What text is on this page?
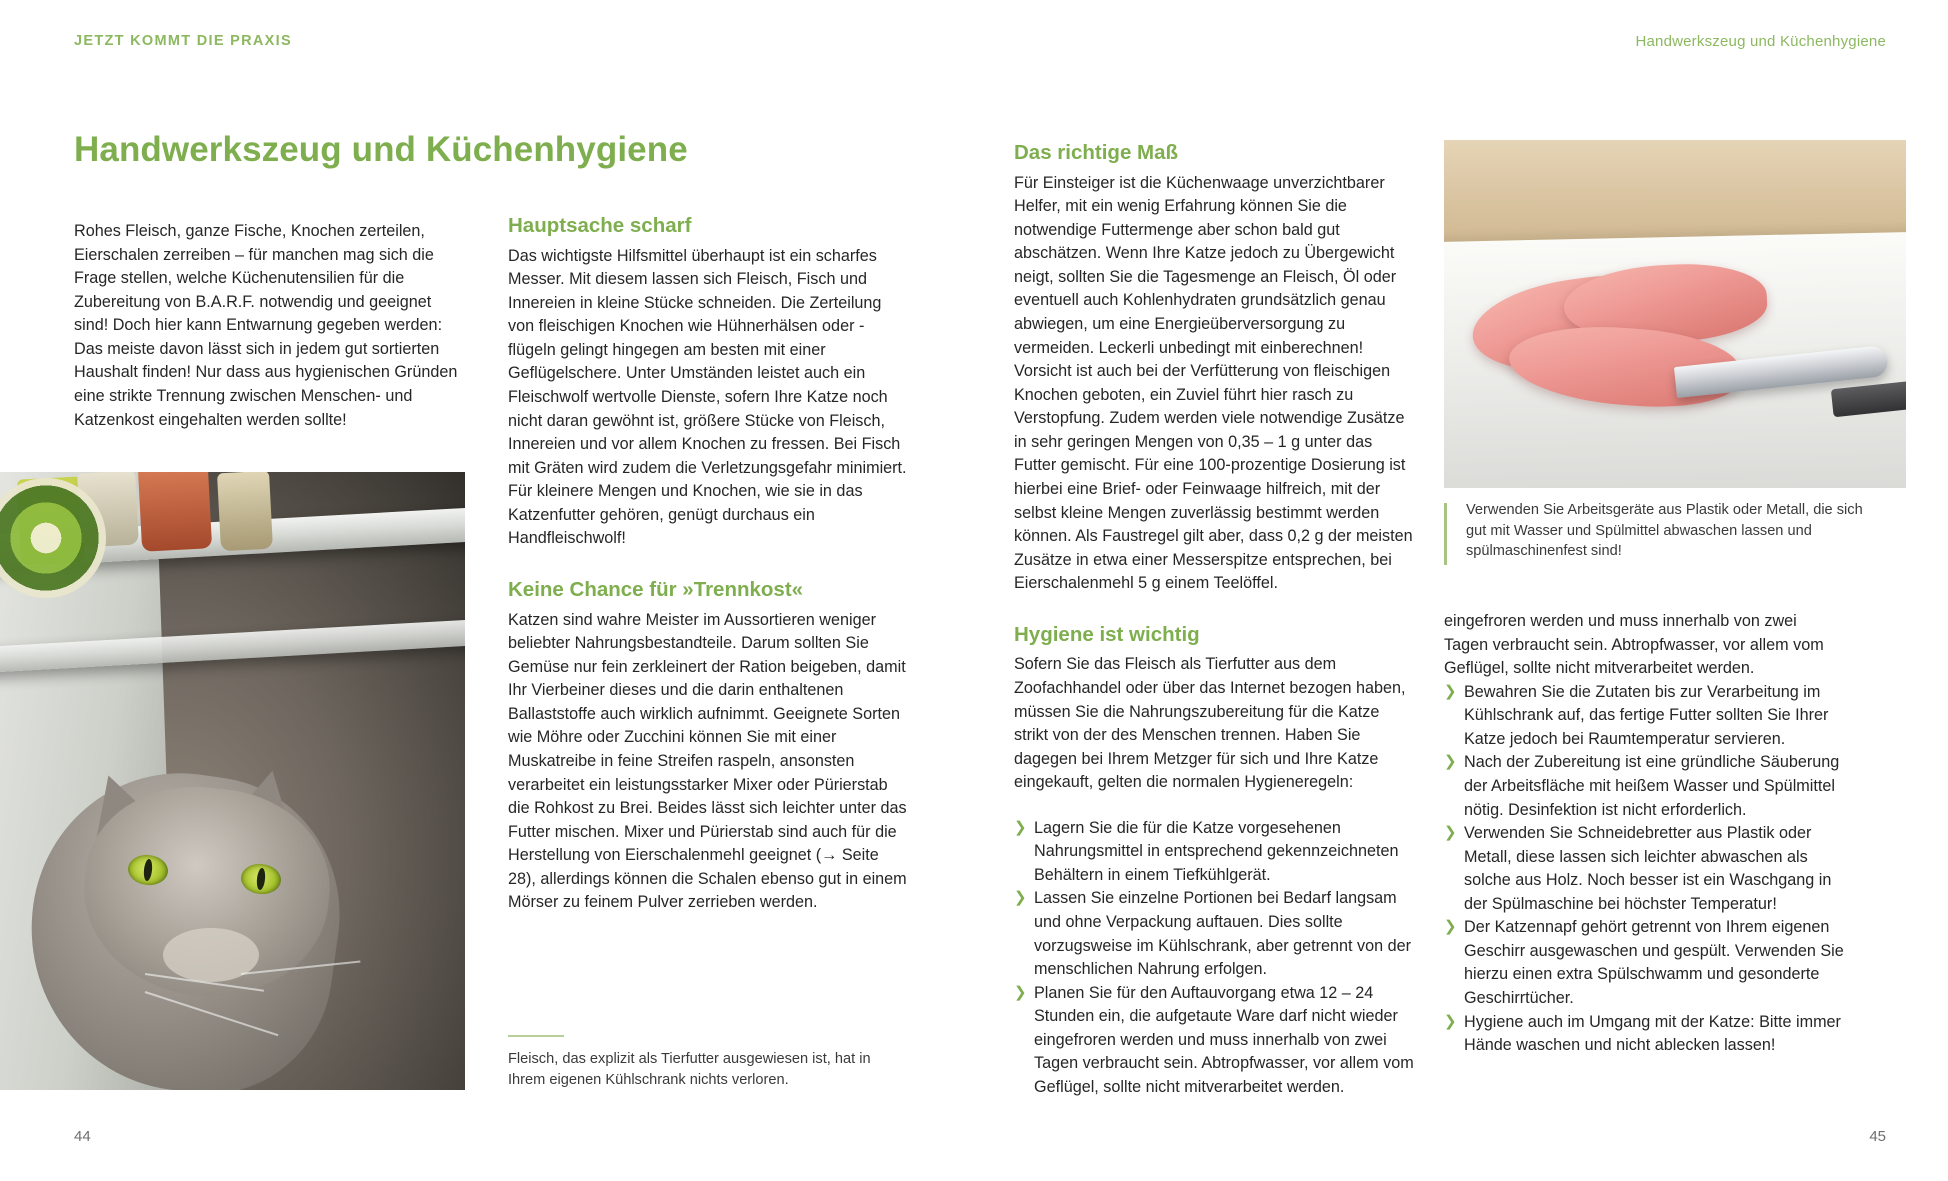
JETZT KOMMT DIE PRAXIS
Handwerkszeug und Küchenhygiene

Rohes Fleisch, ganze Fische, Knochen zerteilen, Eierschalen zerreiben – für manchen mag sich die Frage stellen, welche Küchenutensilien für die Zubereitung von B.A.R.F. notwendig und geeignet sind! Doch hier kann Entwarnung gegeben werden: Das meiste davon lässt sich in jedem gut sortierten Haushalt finden! Nur dass aus hygienischen Gründen eine strikte Trennung zwischen Menschen- und Katzenkost eingehalten werden sollte!

Hauptsache scharf

Das wichtigste Hilfsmittel überhaupt ist ein scharfes Messer. Mit diesem lassen sich Fleisch, Fisch und Innereien in kleine Stücke schneiden. Die Zerteilung von fleischigen Knochen wie Hühnerhälsen oder -flügeln gelingt hingegen am besten mit einer Geflügelschere. Unter Umständen leistet auch ein Fleischwolf wertvolle Dienste, sofern Ihre Katze noch nicht daran gewöhnt ist, größere Stücke von Fleisch, Innereien und vor allem Knochen zu fressen. Bei Fisch mit Gräten wird zudem die Verletzungsgefahr minimiert. Für kleinere Mengen und Knochen, wie sie in das Katzenfutter gehören, genügt durchaus ein Handfleischwolf!

Keine Chance für »Trennkost«

Katzen sind wahre Meister im Aussortieren weniger beliebter Nahrungsbestandteile. Darum sollten Sie Gemüse nur fein zerkleinert der Ration beigeben, damit Ihr Vierbeiner dieses und die darin enthaltenen Ballaststoffe auch wirklich aufnimmt. Geeignete Sorten wie Möhre oder Zucchini können Sie mit einer Muskatreibe in feine Streifen raspeln, ansonsten verarbeitet ein leistungsstarker Mixer oder Pürierstab die Rohkost zu Brei. Beides lässt sich leichter unter das Futter mischen. Mixer und Pürierstab sind auch für die Herstellung von Eierschalenmehl geeignet (→ Seite 28), allerdings können die Schalen ebenso gut in einem Mörser zu feinem Pulver zerrieben werden.

Fleisch, das explizit als Tierfutter ausgewiesen ist, hat in Ihrem eigenen Kühlschrank nichts verloren.
44
Handwerkszeug und Küchenhygiene
Das richtige Maß

Für Einsteiger ist die Küchenwaage unverzichtbarer Helfer, mit ein wenig Erfahrung können Sie die notwendige Futtermenge aber schon bald gut abschätzen. Wenn Ihre Katze jedoch zu Übergewicht neigt, sollten Sie die Tagesmenge an Fleisch, Öl oder eventuell auch Kohlenhydraten grundsätzlich genau abwiegen, um eine Energieüberversorgung zu vermeiden. Leckerli unbedingt mit einberechnen! Vorsicht ist auch bei der Verfütterung von fleischigen Knochen geboten, ein Zuviel führt hier rasch zu Verstopfung. Zudem werden viele notwendige Zusätze in sehr geringen Mengen von 0,35 – 1 g unter das Futter gemischt. Für eine 100-prozentige Dosierung ist hierbei eine Brief- oder Feinwaage hilfreich, mit der selbst kleine Mengen zuverlässig bestimmt werden können. Als Faustregel gilt aber, dass 0,2 g der meisten Zusätze in etwa einer Messerspitze entsprechen, bei Eierschalenmehl 5 g einem Teelöffel.

Hygiene ist wichtig

Sofern Sie das Fleisch als Tierfutter aus dem Zoofachhandel oder über das Internet bezogen haben, müssen Sie die Nahrungszubereitung für die Katze strikt von der des Menschen trennen. Haben Sie dagegen bei Ihrem Metzger für sich und Ihre Katze eingekauft, gelten die normalen Hygieneregeln:

❯ Lagern Sie die für die Katze vorgesehenen Nahrungsmittel in entsprechend gekennzeichneten Behältern in einem Tiefkühlgerät.
❯ Lassen Sie einzelne Portionen bei Bedarf langsam und ohne Verpackung auftauen. Dies sollte vorzugsweise im Kühlschrank, aber getrennt von der menschlichen Nahrung erfolgen.
❯ Planen Sie für den Auftauvorgang etwa 12 – 24 Stunden ein, die aufgetaute Ware darf nicht wieder eingefroren werden und muss innerhalb von zwei Tagen verbraucht sein. Abtropfwasser, vor allem vom Geflügel, sollte nicht mitverarbeitet werden.
Verwenden Sie Arbeitsgeräte aus Plastik oder Metall, die sich gut mit Wasser und Spülmittel abwaschen lassen und spülmaschinenfest sind!
eingefroren werden und muss innerhalb von zwei Tagen verbraucht sein. Abtropfwasser, vor allem vom Geflügel, sollte nicht mitverarbeitet werden.
❯ Bewahren Sie die Zutaten bis zur Verarbeitung im Kühlschrank auf, das fertige Futter sollten Sie Ihrer Katze jedoch bei Raumtemperatur servieren.
❯ Nach der Zubereitung ist eine gründliche Säuberung der Arbeitsfläche mit heißem Wasser und Spülmittel nötig. Desinfektion ist nicht erforderlich.
❯ Verwenden Sie Schneidebretter aus Plastik oder Metall, diese lassen sich leichter abwaschen als solche aus Holz. Noch besser ist ein Waschgang in der Spülmaschine bei höchster Temperatur!
❯ Der Katzennapf gehört getrennt von Ihrem eigenen Geschirr ausgewaschen und gespült. Verwenden Sie hierzu einen extra Spülschwamm und gesonderte Geschirrtücher.
❯ Hygiene auch im Umgang mit der Katze: Bitte immer Hände waschen und nicht ablecken lassen!
45
